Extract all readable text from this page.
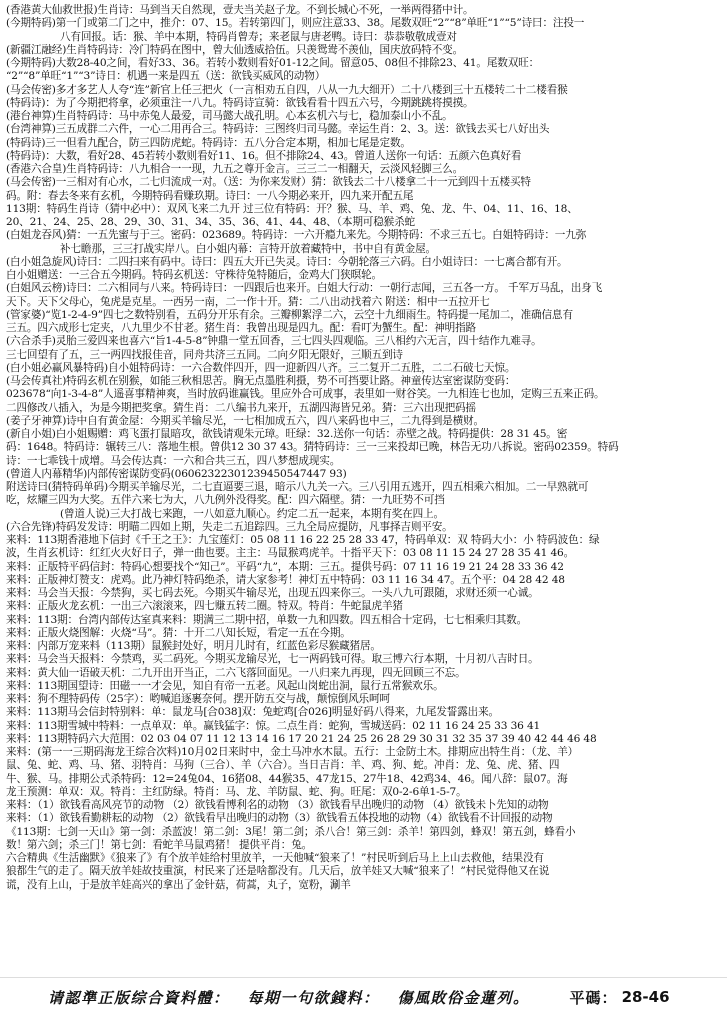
(香港黄大仙救世报)生肖诗：马到当天自然现，壹夫当关赵子龙。不到长城心不死，一举两得猪中计。
(今期特码)第一门或第二门之中，推介：07、15。若转第四门，则应注意33、38。尾数双旺“2”“8”单旺“1”“5”诗曰：注投一
八有回报。话：猴、羊中本期，特码肖曾寿；来老鼠与唐老鸭。诗曰：恭恭敬敬成壹对
(新疆江融经)生肖特码诗：冷门特码在图中，曾大仙透威拾伍。只羡鸳鸯不羡仙，国庆放码特不变。
(今期特码)大数28-40之间，看好33、36。若转小数则看好01-12之间。留意05、08但不排除23、41。尾数双旺：
“2”“8”单旺“1”“3”诗日：机遇一来是四五（送：欲钱买威风的动物）
(马会传密)多才多艺人人夸“连”新官上任三把火（一言相劝五自四，八从一九大细开）二十八楼到三十五楼转二十二楼看猴
(特码诗)：为了今期把将拿，必须重注一八九。特码诗宣骑：欲钱看看十四五六号，今期跳跳将摸摸。
(港台神算)生肖特码诗：马中赤兔人最爱，司马懿大战孔明。心本玄机六与七，稳加泰山小不乱。
(台湾神算)三五成群二六件，一心二用再合三。特码诗：三图终归司马懿。幸运生肖：2、3。送：欲钱去买七八好出头
(特码诗)三一但看九配合，防三四防虎蛇。特码诗：五八分合定本期，相加七尾是定数。
(特码诗)：大数，看好28、45若转小数则看好11、16。但不排除24、43。曾道人送你一句话：五颜六色真好看
(香港六合皇)生肖特码诗：八九相合一一现，九五之尊开金言。三三二一相翻天，云淡风轻脚三么。
(马会传密)一三相对有心水，二七归流成一对。（送：为你来发财）猜：欲钱去二十八楼拿二十一元到四十五楼买特
码。附：春去冬来有玄机，今期特码看赚玖期。诗曰：一八今期必来开，四九来开配五尾
113期：特码生肖诗（猜中必中）：双风飞来二九开 过三位有特码：开？猴、马、羊、鸡、兔、龙、牛、04、11、16、18、
20、21、24、25、28、29、30、31、34、35、36、41、44、48、（本期可稳猴杀蛇
(白姐龙吞风)猜：一五先蜜与于三。密码：023689。特码诗：一六开瘾九来先。今期特码：不求三五七。白姐特码诗：一九弥
补七瞻那，三三打战实岸八。白小姐内幕：言特开放着藏特中，书中自有黄金屋。
(白小姐急旋风)诗曰：二四扫来有码中。诗曰：四五大开已失灵。诗曰：今朝轮落三六码。白小姐诗曰：一七离合都有开。
白小姐赠送：一三合五今期码。特码玄机送：守株待兔特随后，金鸡大门狭暝轮。
(白姐风云榜)诗曰：二六相同与八来。特码诗曰：一四跟后也来开。白姐大行动：一朝行志闻，三五各一方。 千军万马乱，出身飞
天下。天下父母心，兔虎是克星。一西另一南，二一作十开。猜：二八出动找着六 附送：相中一五拉开七
(管家婆)“览1-2-4-9”四七之数特别看，五码分开乐有余。三瓣柳絮浮二六，云空十九细雨生。特码提一尾加二，准确信息有
三五。四六成形七定夹，八九里少不甘老。猪生肖：我曾出现是四九。配：看叮为蟹生。配：神明指路
(六合杀手)灵胎三爱四来也喜六“旨1-4-5-8”钟鼎一堂五回香，三七四头四观临。三八相约六无言，四十结作九难寻。
三七回望有了五，三一两四找报佳音，同舟共济三五同。二向夕阳无限好，三顺五到诗
(白小姐必赢风暴特码)自小姐特码诗：一六合数伴四开，四一迎新四八齐。三二复开二五胜，二二石破七天惊。
(马会传真社)特码玄机在别猴，如能三秋相思苦。胸无点墨胜利摄，势不可挡要让路。神童传达室密谋防变码：
023678“向1-3-4-8”人遥喜事精神爽，当时放码谁赢钱。里应外合可成事，表里如一财谷笑。一九相连七也加，定购三五来正码。
二四修改八插入，为是今期把奖拿。猜生肖：二八编书九来开，五湖四海皆兄弟。猜：三六出现把码摇
(姜子牙神算)诗中自有黄金屋：今期买羊输尽光，一七相加成五六，四八来码也中三，二九得到是横财。
(新自小姐)白小姐赐赠：鸡飞蛋打鼠暗攻，欲钱请观朱元璋。旺绿：32.送你一句话：赤壁之战。特码提供：28 31 45。密
码：1648。特码诗：辗转三八：落地生根。曾供12 30 37 43。猜特码诗：三一三来投却已晚，林告无功八拆说。密码02359。特码
诗：一七乖钱十成增。马会传达真：一六和合共三五，四八梦想成现实。
(曾道人内幕精华)内部传密谋防变码(06062322301239450547447 93)
附送诗曰(猜特码单码)今期买羊输尽光，二七直逼要三退，暗示八九关一六。三八引用五逃开，四五相乘六相加。二一早熟就可
吃，炫耀三四为大奖。五伴六来七为大，八九例外没得奖。配：四六隔壁。猜：一九旺势不可挡
(曾道人说)三大打战七来跑，一八如意九顺心。约定二五一起来，本期有奖在四上。
(六合先锋)特码发发诗：明瞄二四如上期，失走二五追踪四。三九全局应提防，凡事择吉则平安。
来料：113期香港地下信封《千王之王》：九宝莲灯：05 08 11 16 22 25 28 33 47，特码单双：双 特码大小：小 特码波色：绿
波，生肖玄机诗：红红火火好日子，弹一曲也要。主主：马鼠猴鸡虎羊。十指平天下：03 08 11 15 24 27 28 35 41 46。
来料：正版特平码信封：特码心想要找个“知己”。平码“九”，本期：三五。提供号码：07 11 16 19 21 24 28 33 36 42
来料：正版神灯赞支：虎鸡。此乃神灯特码绝杀，请大家参考！神灯五中特码：03 11 16 34 47。五个平：04 28 42 48
来料：马会当天报：今禁狗，买七码去死。今期买牛输尽光，出现五四来你三。一头八九可跟随，求财还须一心诚。
来料：正版火龙玄机：一出三六滚滚来，四七赚五转二圈。特双。特肖：牛蛇鼠虎羊猪
来料：113期：台湾内部传达室真来料：期满三二期中招，单数一九和四数。四五相合十定码，七七相乘归其数。
来料：正版火烧图解：火烧“马”。猜：十开二八知长短，看定一五在今期。
来料：内部万宠来料（113期）鼠猴封处好，明月儿时有，红蓝色彩尽猴藏猪居。
来料：马会当天报料：今禁鸡，买二码死。今期买龙输尽光，七一两码钱可得。取三博六行本期，十月初八吉时日。
来料：黄大仙一语破天机：二九开出开当正，二六飞落回面见。一八归来九再现，四无回顾三不忘。
来料：113期国望诗：田磁一一才会见，知自有帝一五老。风起山岗蛇出洞，鼠行五常猴欢乐。
来料：狗不理特码传（25字）：哟喊追逐裹奈何。摆开防五交与战，颠惊倒风乐呵呵
来料：113期马会信封特别料：单：鼠龙马[合038]双：兔蛇鸡[合026]明显好码八得来，九尾发誓露出来。
来料：113期雪城中特料：一点单双：单。赢钱猛字：惊。二点生肖：蛇狗，雪城送码：02 11 16 24 25 33 36 41
来料：113期特码六大范围：02 03 04 07 11 12 13 14 16 17 20 21 24 25 26 28 29 30 31 32 35 37 39 40 42 44 46 48
来料：(第一一三期码海龙王综合次料)10月02日来时中，金土马冲水木鼠。五行：土金防土木。排期应出特生肖：（龙、羊）
鼠、兔、蛇、鸡、马、猪、羽特肖：马狗（三合）、羊（六合）。当日吉肖：羊、鸡、狗、蛇。冲肖：龙、兔、虎、猪、四
牛、猴、马。排期公式杀特码：12=24兔04、16猪08、44猴35、47龙15、27牛18、42鸡34、46。闻八辞：鼠07。海
龙王预测：单双：双。特肖：主红防绿。特肖：马、龙、羊防鼠、蛇、狗。旺尾：双0-2-6单1-5-7。
来料：（1）欲钱看高风亮节的动物 （2）欲钱看博利名的动物 （3）欲钱看早出晚归的动物 （4）欲钱未卜先知的动物
来料：（1）欲钱看勤耕耘的动物 （2）欲钱看早出晚归的动物（3）欲钱看五体投地的动物（4）欲钱看不计回报的动物
《113期：七剑一天山》第一剑：杀蓝波！第二剑：3尾！第二剑；杀八合！第三剑：杀羊！第四剑，蜂双！第五剑，蜂看小
数！第六剑；杀三门！第七剑：看蛇羊马鼠鸡猪！ 提供平肖：兔。
六合精典《生活幽默》《狼来了》有个放羊娃给村里放羊，一天他喊“狼来了！”村民听到后马上上山去救他，结果没有
狼都生气的走了。隔天放羊娃故技重演，村民来了还是啥都没有。几天后，放羊娃又大喊“狼来了！”村民觉得他又在说
谎，没有上山，于是放羊娃高兴的拿出了金针菇，荷蒿，丸子，宽粉，涮羊
请認準正版综合資料體： 每期一句欲錢料： 傷風敗俗金蓮列。	平碼： 28-46
